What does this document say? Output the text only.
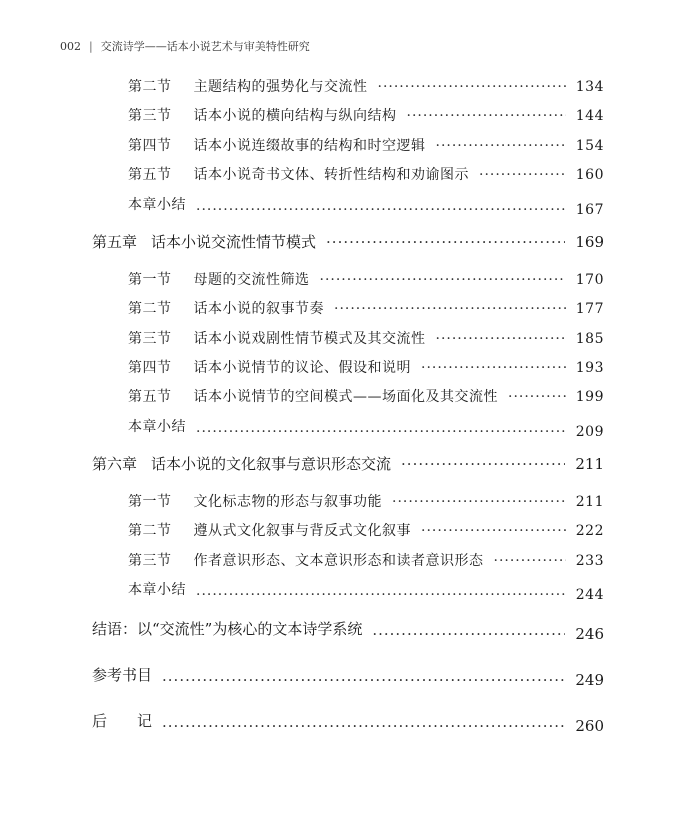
002 | 交流诗学——话本小说艺术与审美特性研究
第二节 主题结构的强势化与交流性 ·····	134
第三节 话本小说的横向结构与纵向结构 ·····	144
第四节 话本小说连缀故事的结构和时空逻辑 ·····	154
第五节 话本小说奇书文体、转折性结构和劝谕图示 ·····	160
本章小结 ·····	167
第五章 话本小说交流性情节模式 ·····	169
第一节 母题的交流性筛选 ·····	170
第二节 话本小说的叙事节奏 ·····	177
第三节 话本小说戏剧性情节模式及其交流性 ·····	185
第四节 话本小说情节的议论、假设和说明 ·····	193
第五节 话本小说情节的空间模式——场面化及其交流性 ·····	199
本章小结 ·····	209
第六章 话本小说的文化叙事与意识形态交流 ·····	211
第一节 文化标志物的形态与叙事功能 ·····	211
第二节 遵从式文化叙事与背反式文化叙事 ·····	222
第三节 作者意识形态、文本意识形态和读者意识形态 ·····	233
本章小结 ·····	244
结语：以“交流性”为核心的文本诗学系统 ·····	246
参考书目 ·····	249
后　　记 ·····	260
